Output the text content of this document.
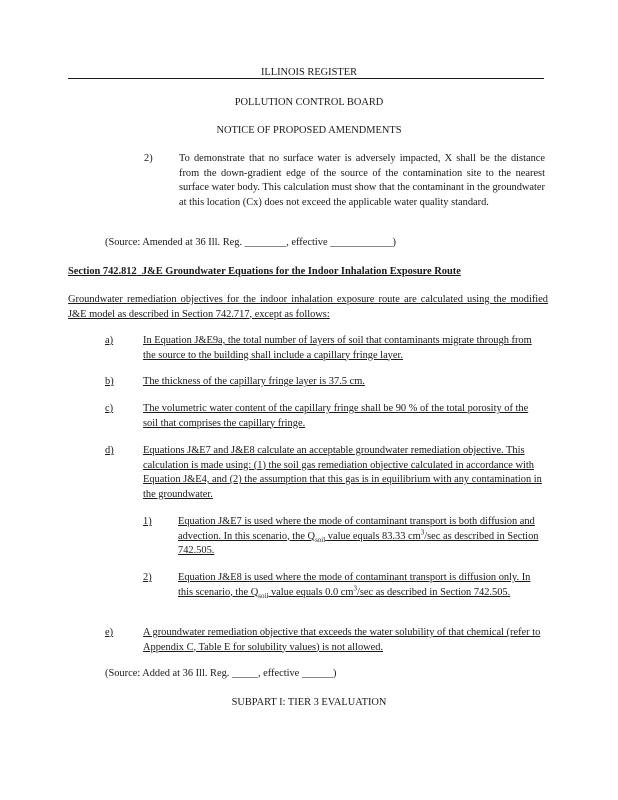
ILLINOIS REGISTER
POLLUTION CONTROL BOARD
NOTICE OF PROPOSED AMENDMENTS
2)	To demonstrate that no surface water is adversely impacted, X shall be the distance from the down-gradient edge of the source of the contamination site to the nearest surface water body. This calculation must show that the contaminant in the groundwater at this location (Cx) does not exceed the applicable water quality standard.
(Source: Amended at 36 Ill. Reg. ________, effective ____________)
Section 742.812 J&E Groundwater Equations for the Indoor Inhalation Exposure Route
Groundwater remediation objectives for the indoor inhalation exposure route are calculated using the modified J&E model as described in Section 742.717, except as follows:
a)	In Equation J&E9a, the total number of layers of soil that contaminants migrate through from the source to the building shall include a capillary fringe layer.
b)	The thickness of the capillary fringe layer is 37.5 cm.
c)	The volumetric water content of the capillary fringe shall be 90 % of the total porosity of the soil that comprises the capillary fringe.
d)	Equations J&E7 and J&E8 calculate an acceptable groundwater remediation objective. This calculation is made using: (1) the soil gas remediation objective calculated in accordance with Equation J&E4, and (2) the assumption that this gas is in equilibrium with any contamination in the groundwater.
1)	Equation J&E7 is used where the mode of contaminant transport is both diffusion and advection. In this scenario, the $Q_{soil}$ value equals 83.33 $cm^3/\sec$ as described in Section 742.505.
2)	Equation J&E8 is used where the mode of contaminant transport is diffusion only. In this scenario, the $Q_{soil}$ value equals 0.0 $cm^3/\sec$ as described in Section 742.505.
e)	A groundwater remediation objective that exceeds the water solubility of that chemical (refer to Appendix C, Table E for solubility values) is not allowed.
(Source: Added at 36 Ill. Reg. _____, effective ______)
SUBPART I: TIER 3 EVALUATION
